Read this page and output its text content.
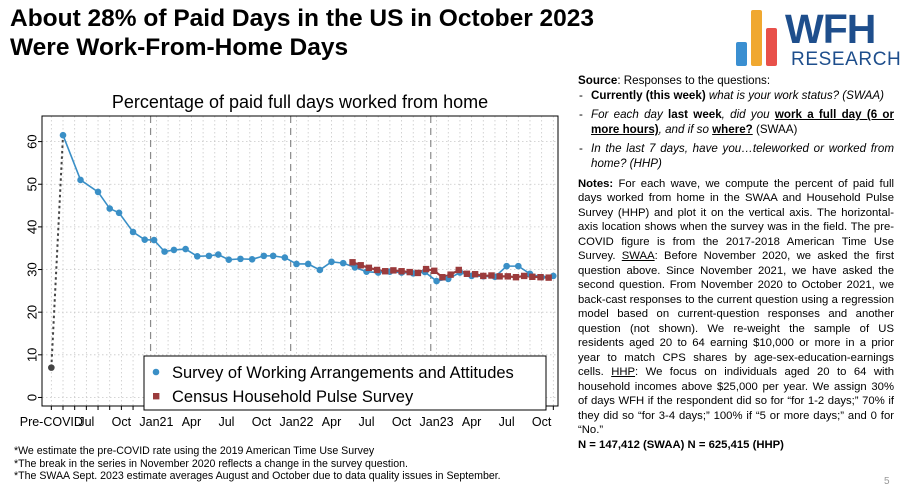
About 28% of Paid Days in the US in October 2023
Were Work-From-Home Days	WFH
RESEARCH
Percentage of paid full days worked from home
0
10
20
30
40
50
60
Pre-COVID
Jul Oct Jan21 Apr Jul Oct Jan22 Apr Jul Oct Jan23 Apr Jul Oct
Survey of Working Arrangements and Attitudes
Census Household Pulse Survey
*We estimate the pre-COVID rate using the 2019 American Time Use Survey
*The break in the series in November 2020 reflects a change in the survey question.
*The SWAA Sept. 2023 estimate averages August and October due to data quality issues in September.

Source: Responses to the questions:

- Currently (this week) what is your work status? (SWAA)
- For each day last week, did you work a full day (6 or more hours), and if so where? (SWAA)
- In the last 7 days, have you…teleworked or worked from home? (HHP)

Notes: For each wave, we compute the percent of paid full days worked from home in the SWAA and Household Pulse Survey (HHP) and plot it on the vertical axis. The horizontal-axis location shows when the survey was in the field. The pre-COVID figure is from the 2017-2018 American Time Use Survey. SWAA: Before November 2020, we asked the first question above. Since November 2021, we have asked the second question. From November 2020 to October 2021, we back-cast responses to the current question using a regression model based on current-question responses and another question (not shown). We re-weight the sample of US residents aged 20 to 64 earning $10,000 or more in a prior year to match CPS shares by age-sex-education-earnings cells. HHP: We focus on individuals aged 20 to 64 with household incomes above $25,000 per year. We assign 30% of days WFH if the respondent did so for “for 1-2 days;” 70% if they did so “for 3-4 days;” 100% if “5 or more days;” and 0 for “No.”

N = 147,412 (SWAA) N = 625,415 (HHP)

5
